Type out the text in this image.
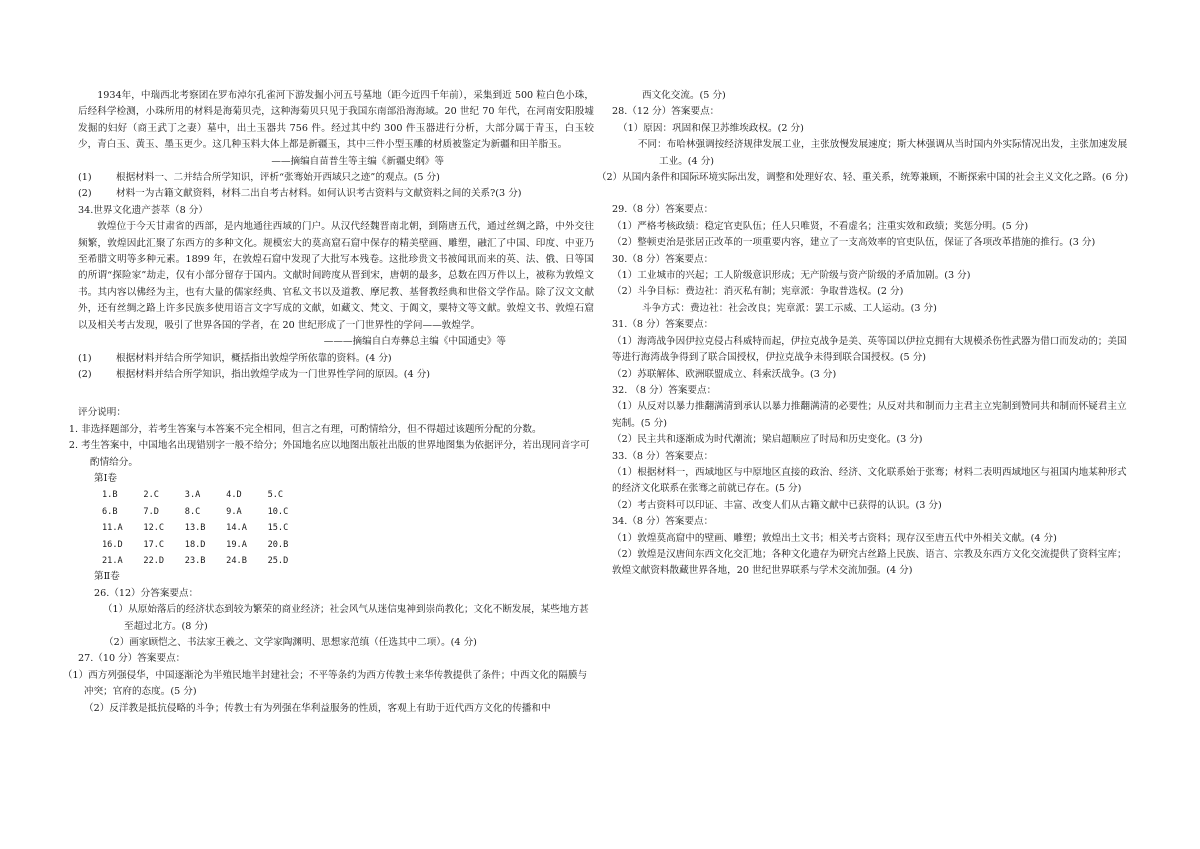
1934年，中瑞西北考察团在罗布淖尔孔雀河下游发掘小河五号墓地（距今近四千年前），采集到近 500 粒白色小珠，后经科学检测，小珠所用的材料是海菊贝壳，这种海菊贝只见于我国东南部沿海海域。20 世纪 70 年代，在河南安阳殷墟发掘的妇好（商王武丁之妻）墓中，出土玉器共 756 件。经过其中约 300 件玉器进行分析，大部分属于青玉，白玉较少，青白玉、黄玉、墨玉更少。这几种玉料大体上都是新疆玉，其中三件小型玉雕的材质被鉴定为新疆和田羊脂玉。

——摘编自苗普生等主编《新疆史纲》等

(1)	根据材料一、二并结合所学知识，评析“张骞始开西域只之迹”的观点。(5 分)
(2)	材料一为古籍文献资料，材料二出自考古材料。如何认识考古资料与文献资料之间的关系?(3 分)

34.世界文化遗产荟萃（8 分）

敦煌位于今天甘肃省的西部，是内地通往西域的门户。从汉代经魏晋南北朝，到隋唐五代，通过丝绸之路，中外交往频繁，敦煌因此汇聚了东西方的多种文化。规模宏大的莫高窟石窟中保存的精美壁画、雕塑，融汇了中国、印度、中亚乃至希腊文明等多种元素。1899 年，在敦煌石窟中发现了大批写本残卷。这批珍贵文书被闻讯而来的英、法、俄、日等国的所谓“探险家”劫走，仅有小部分留存于国内。文献时间跨度从晋到宋，唐朝的最多，总数在四万件以上，被称为敦煌文书。其内容以佛经为主，也有大量的儒家经典、官私文书以及道教、摩尼教、基督教经典和世俗文学作品。除了汉文文献外，还有丝绸之路上许多民族多使用语言文字写成的文献，如藏文、梵文、于阗文，粟特文等文献。敦煌文书、敦煌石窟以及相关考古发现，吸引了世界各国的学者，在 20 世纪形成了一门世界性的学问——敦煌学。

———摘编自白寿彝总主编《中国通史》等

(1)	根据材料并结合所学知识，概括指出敦煌学所依靠的资料。(4 分)
(2)	根据材料并结合所学知识，指出敦煌学成为一门世界性学问的原因。(4 分)

评分说明：

1. 非选择题部分，若考生答案与本答案不完全相同，但言之有理，可酌情给分，但不得超过该题所分配的分数。

2. 考生答案中，中国地名出现错别字一般不给分；外国地名应以地图出版社出版的世界地图集为依据评分，若出现同音字可酌情给分。

第Ⅰ卷

1.B     2.C     3.A     4.D     5.C

6.B     7.D     8.C     9.A     10.C

11.A    12.C    13.B    14.A    15.C

16.D    17.C    18.D    19.A    20.B

21.A    22.D    23.B    24.B    25.D

第Ⅱ卷

26.（12）分答案要点：

（1）从原始落后的经济状态到较为繁荣的商业经济；社会风气从迷信鬼神到崇尚教化；文化不断发展，某些地方甚至超过北方。(8 分)

（2）画家顾恺之、书法家王羲之、文学家陶渊明、思想家范缜（任选其中二项）。(4 分)

27.（10 分）答案要点：

（1）西方列强侵华，中国逐渐沦为半殖民地半封建社会；不平等条约为西方传教士来华传教提供了条件；中西文化的隔膜与冲突；官府的态度。(5 分)

（2）反洋教是抵抗侵略的斗争；传教士有为列强在华利益服务的性质，客观上有助于近代西方文化的传播和中

西文化交流。(5 分)

28.（12 分）答案要点：

（1）原因：巩固和保卫苏维埃政权。(2 分)

不同：布哈林强调按经济规律发展工业，主张放慢发展速度；斯大林强调从当时国内外实际情况出发，主张加速发展工业。(4 分)

（2）从国内条件和国际环境实际出发，调整和处理好农、轻、重关系，统筹兼顾，不断探索中国的社会主义文化之路。(6 分)

29.（8 分）答案要点：

（1）严格考核政绩：稳定官吏队伍；任人只唯贤，不看虚名；注重实效和政绩；奖惩分明。(5 分)

（2）整顿吏治是张居正改革的一项重要内容，建立了一支高效率的官吏队伍，保证了各项改革措施的推行。(3 分)

30.（8 分）答案要点：

（1）工业城市的兴起；工人阶级意识形成；无产阶级与资产阶级的矛盾加剧。(3 分)

（2）斗争目标：费边社：消灭私有制；宪章派：争取普选权。(2 分)

斗争方式：费边社：社会改良；宪章派：罢工示威、工人运动。(3 分)

31.（8 分）答案要点：

（1）海湾战争因伊拉克侵占科威特而起，伊拉克战争是美、英等国以伊拉克拥有大规模杀伤性武器为借口而发动的；美国等进行海湾战争得到了联合国授权，伊拉克战争未得到联合国授权。(5 分)

（2）苏联解体、欧洲联盟成立、科索沃战争。(3 分)

32. （8 分）答案要点：

（1）从反对以暴力推翻满清到承认以暴力推翻满清的必要性；从反对共和制而力主君主立宪制到赞同共和制而怀疑君主立宪制。(5 分)

（2）民主共和逐渐成为时代潮流；梁启超顺应了时局和历史变化。(3 分)

33.（8 分）答案要点：

（1）根据材料一，西域地区与中原地区直接的政治、经济、文化联系始于张骞；材料二表明西域地区与祖国内地某种形式的经济文化联系在张骞之前就已存在。(5 分)

（2）考古资料可以印证、丰富、改变人们从古籍文献中已获得的认识。(3 分)

34.（8 分）答案要点：

（1）敦煌莫高窟中的壁画、雕塑；敦煌出土文书；相关考古资料；现存汉至唐五代中外相关文献。(4 分)

（2）敦煌是汉唐间东西文化交汇地；各种文化遗存为研究古丝路上民族、语言、宗教及东西方文化交流提供了资料宝库；敦煌文献资料散藏世界各地，20 世纪世界联系与学术交流加强。(4 分)
